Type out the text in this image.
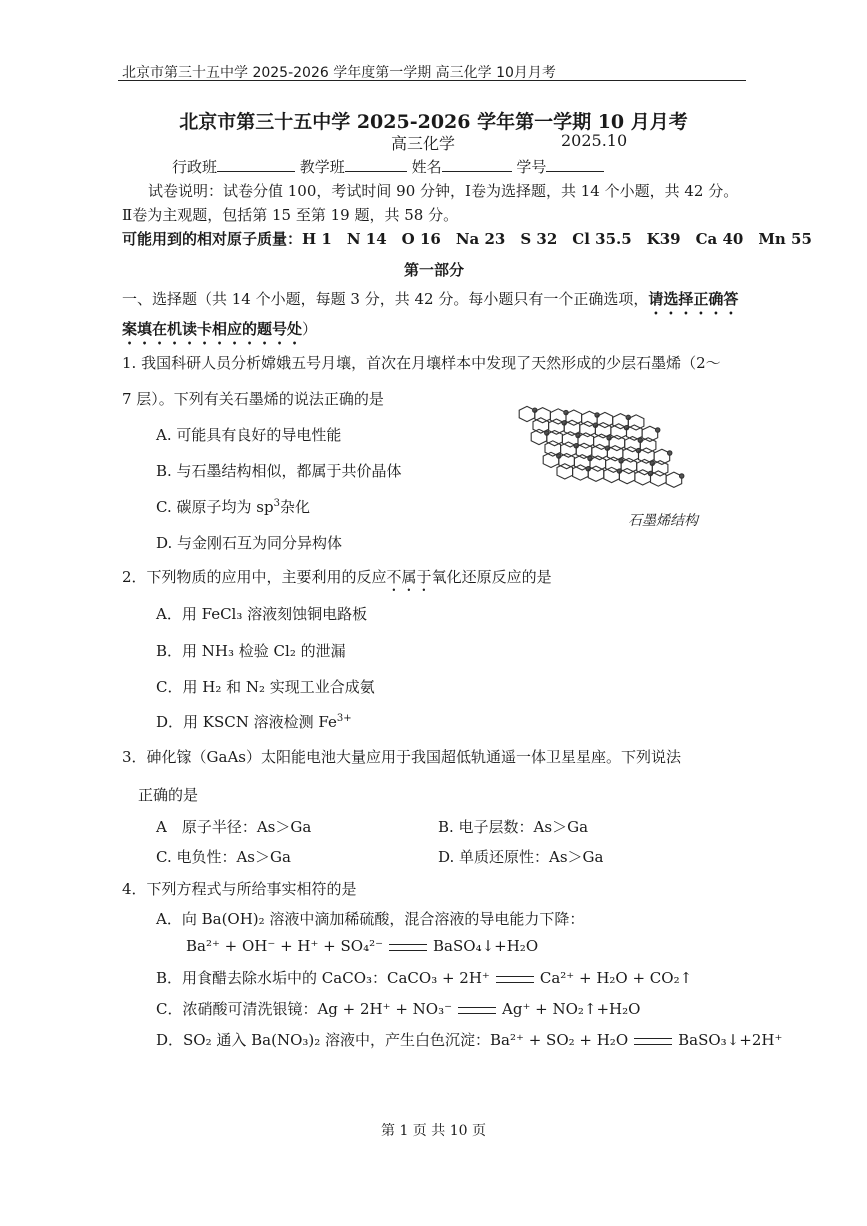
北京市第三十五中学 2025-2026 学年度第一学期 高三化学 10月月考
北京市第三十五中学 2025-2026 学年第一学期 10 月月考
高三化学	2025.10
行政班	教学班	姓名	学号
试卷说明：试卷分值 100，考试时间 90 分钟，Ⅰ卷为选择题，共 14 个小题，共 42 分。
Ⅱ卷为主观题，包括第 15 至第 19 题，共 58 分。
可能用到的相对原子质量：H 1　N 14　O 16　Na 23　S 32　Cl 35.5　K39　Ca 40　Mn 55
第一部分
一、选择题（共 14 个小题，每题 3 分，共 42 分。每小题只有一个正确选项，请选择正确答
案填在机读卡相应的题号处）
1. 我国科研人员分析嫦娥五号月壤，首次在月壤样本中发现了天然形成的少层石墨烯（2～
7 层）。下列有关石墨烯的说法正确的是
A. 可能具有良好的导电性能
B. 与石墨结构相似，都属于共价晶体
C. 碳原子均为 $sp^3$杂化
D. 与金刚石互为同分异构体
石墨烯结构
2．下列物质的应用中，主要利用的反应不属于氧化还原反应的是
A．用 FeCl₃ 溶液刻蚀铜电路板
B．用 NH₃ 检验 Cl₂ 的泄漏
C．用 H₂ 和 N₂ 实现工业合成氨
D．用 KSCN 溶液检测 $Fe^{3+}$
3．砷化镓（GaAs）太阳能电池大量应用于我国超低轨通遥一体卫星星座。下列说法
正确的是
A　原子半径：As＞Ga	B. 电子层数：As＞Ga
C. 电负性：As＞Ga	D. 单质还原性：As＞Ga
4．下列方程式与所给事实相符的是
A．向 Ba(OH)₂ 溶液中滴加稀硫酸，混合溶液的导电能力下降：
Ba²⁺ + OH⁻ + H⁺ + SO₄²⁻	BaSO₄↓+H₂O
B．用食醋去除水垢中的 CaCO₃：CaCO₃ + 2H⁺	Ca²⁺ + H₂O + CO₂↑
C．浓硝酸可清洗银镜：Ag + 2H⁺ + NO₃⁻	Ag⁺ + NO₂↑+H₂O
D．SO₂ 通入 Ba(NO₃)₂ 溶液中，产生白色沉淀：Ba²⁺ + SO₂ + H₂O	BaSO₃↓+2H⁺
第 1 页 共 10 页
